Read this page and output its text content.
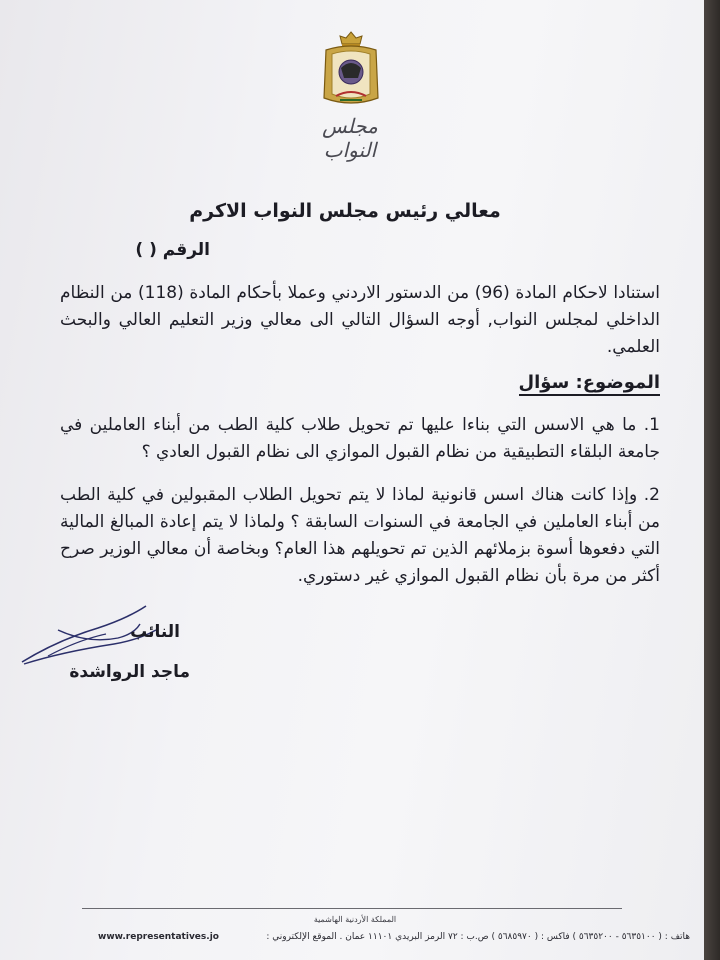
مجلس النواب
معالي رئيس مجلس النواب الاكرم
الرقم ( )
استنادا لاحكام المادة (96) من الدستور الاردني وعملا بأحكام المادة (118) من النظام الداخلي لمجلس النواب, أوجه السؤال التالي الى معالي وزير التعليم العالي والبحث العلمي.
الموضوع: سؤال
1. ما هي الاسس التي بناءا عليها تم تحويل طلاب كلية الطب من أبناء العاملين في جامعة البلقاء التطبيقية من نظام القبول الموازي الى نظام القبول العادي ؟
2. وإذا كانت هناك اسس قانونية لماذا لا يتم تحويل الطلاب المقبولين في كلية الطب من أبناء العاملين في الجامعة في السنوات السابقة ؟ ولماذا لا يتم إعادة المبالغ المالية التي دفعوها أسوة بزملائهم الذين تم تحويلهم هذا العام؟ وبخاصة أن معالي الوزير صرح أكثر من مرة بأن نظام القبول الموازي غير دستوري.
النائب
ماجد الرواشدة
المملكة الأردنية الهاشمية
هاتف : ( ٥٦٣٥١٠٠ - ٥٦٣٥٢٠٠ ) فاكس : ( ٥٦٨٥٩٧٠ ) ص.ب : ٧٢ الرمز البريدي ١١١٠١ عمان . الموقع الإلكتروني :
www.representatives.jo
